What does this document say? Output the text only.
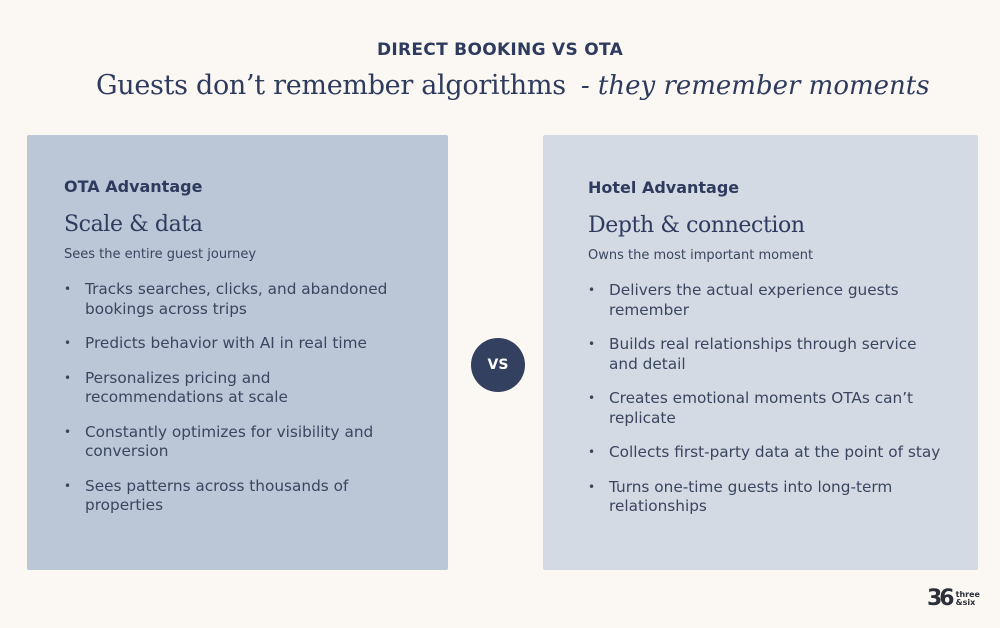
DIRECT BOOKING VS OTA
Guests don’t remember algorithms - they remember moments
OTA Advantage
Scale & data
Sees the entire guest journey
• Tracks searches, clicks, and abandoned bookings across trips
• Predicts behavior with AI in real time
• Personalizes pricing and recommendations at scale
• Constantly optimizes for visibility and conversion
• Sees patterns across thousands of properties
VS
Hotel Advantage
Depth & connection
Owns the most important moment
• Delivers the actual experience guests remember
• Builds real relationships through service and detail
• Creates emotional moments OTAs can’t replicate
• Collects first-party data at the point of stay
• Turns one-time guests into long-term relationships
36 three
&six
